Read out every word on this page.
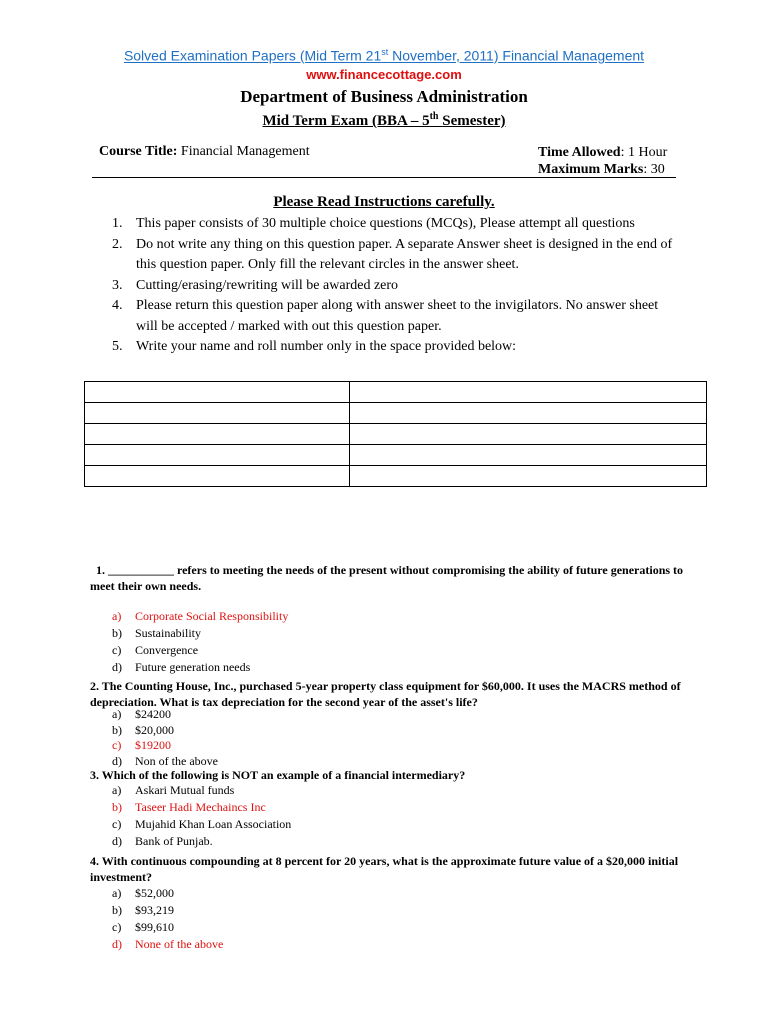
Solved Examination Papers (Mid Term 21st November, 2011) Financial Management
www.financecottage.com
Department of Business Administration
Mid Term Exam (BBA – 5th Semester)
Course Title: Financial Management	Time Allowed: 1 Hour
Maximum Marks: 30
Please Read Instructions carefully.
1. This paper consists of 30 multiple choice questions (MCQs), Please attempt all questions
2. Do not write any thing on this question paper. A separate Answer sheet is designed in the end of this question paper. Only fill the relevant circles in the answer sheet.
3. Cutting/erasing/rewriting will be awarded zero
4. Please return this question paper along with answer sheet to the invigilators. No answer sheet will be accepted / marked with out this question paper.
5. Write your name and roll number only in the space provided below:

1. ___________ refers to meeting the needs of the present without compromising the ability of future generations to meet their own needs.
a)	Corporate Social Responsibility
b)	Sustainability
c)	Convergence
d)	Future generation needs
2. The Counting House, Inc., purchased 5-year property class equipment for $60,000. It uses the MACRS method of depreciation. What is tax depreciation for the second year of the asset's life?
a)	$24200
b)	$20,000
c)	$19200
d)	Non of the above
3. Which of the following is NOT an example of a financial intermediary?
a)	Askari Mutual funds
b)	Taseer Hadi Mechaincs Inc
c)	Mujahid Khan Loan Association
d)	Bank of Punjab.
4. With continuous compounding at 8 percent for 20 years, what is the approximate future value of a $20,000 initial investment?
a)	$52,000
b)	$93,219
c)	$99,610
d)	None of the above
